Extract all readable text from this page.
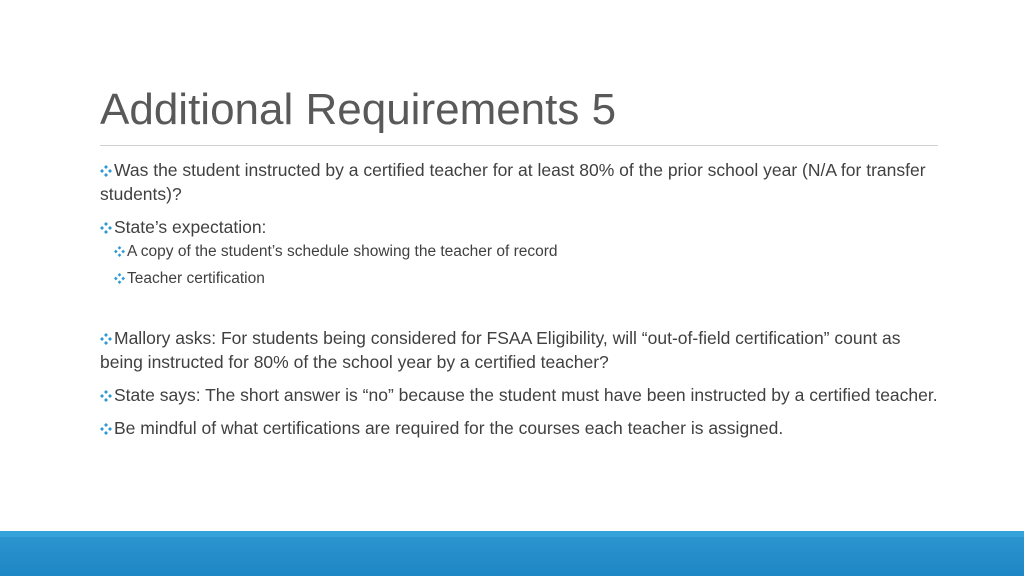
Additional Requirements 5

Was the student instructed by a certified teacher for at least 80% of the prior school year (N/A for transfer students)?

State’s expectation:

A copy of the student’s schedule showing the teacher of record

Teacher certification

Mallory asks: For students being considered for FSAA Eligibility, will “out-of-field certification” count as being instructed for 80% of the school year by a certified teacher?

State says: The short answer is “no” because the student must have been instructed by a certified teacher.

Be mindful of what certifications are required for the courses each teacher is assigned.
